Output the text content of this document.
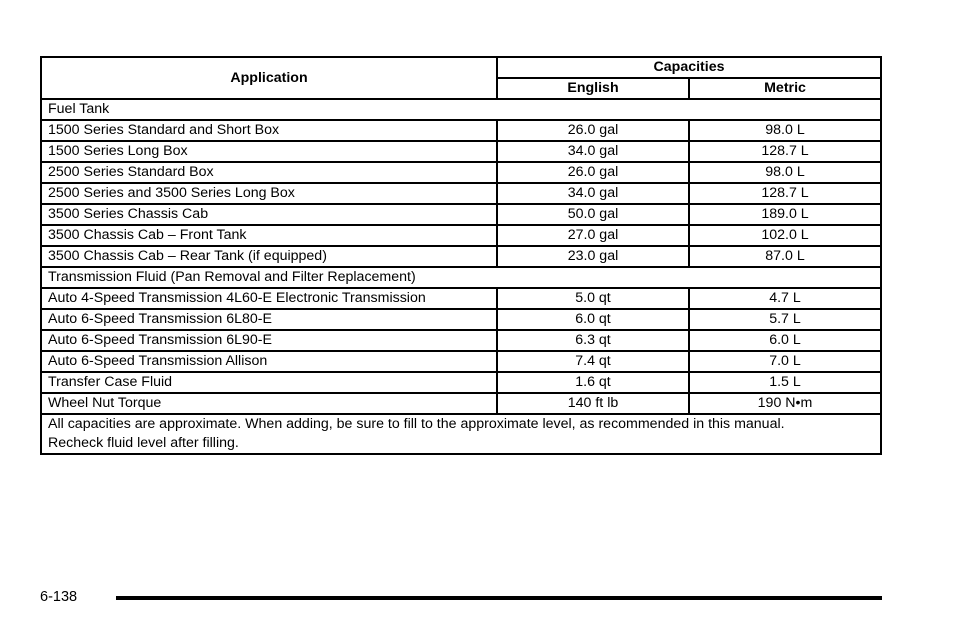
Application	Capacities	
	English	Metric
Fuel Tank		
1500 Series Standard and Short Box	26.0 gal	98.0 L
1500 Series Long Box	34.0 gal	128.7 L
2500 Series Standard Box	26.0 gal	98.0 L
2500 Series and 3500 Series Long Box	34.0 gal	128.7 L
3500 Series Chassis Cab	50.0 gal	189.0 L
3500 Chassis Cab – Front Tank	27.0 gal	102.0 L
3500 Chassis Cab – Rear Tank (if equipped)	23.0 gal	87.0 L
Transmission Fluid (Pan Removal and Filter Replacement)		
Auto 4-Speed Transmission 4L60-E Electronic Transmission	5.0 qt	4.7 L
Auto 6-Speed Transmission 6L80-E	6.0 qt	5.7 L
Auto 6-Speed Transmission 6L90-E	6.3 qt	6.0 L
Auto 6-Speed Transmission Allison	7.4 qt	7.0 L
Transfer Case Fluid	1.6 qt	1.5 L
Wheel Nut Torque	140 ft lb	190 N•m
All capacities are approximate. When adding, be sure to fill to the approximate level, as recommended in this manual.
Recheck fluid level after filling.		
6-138
